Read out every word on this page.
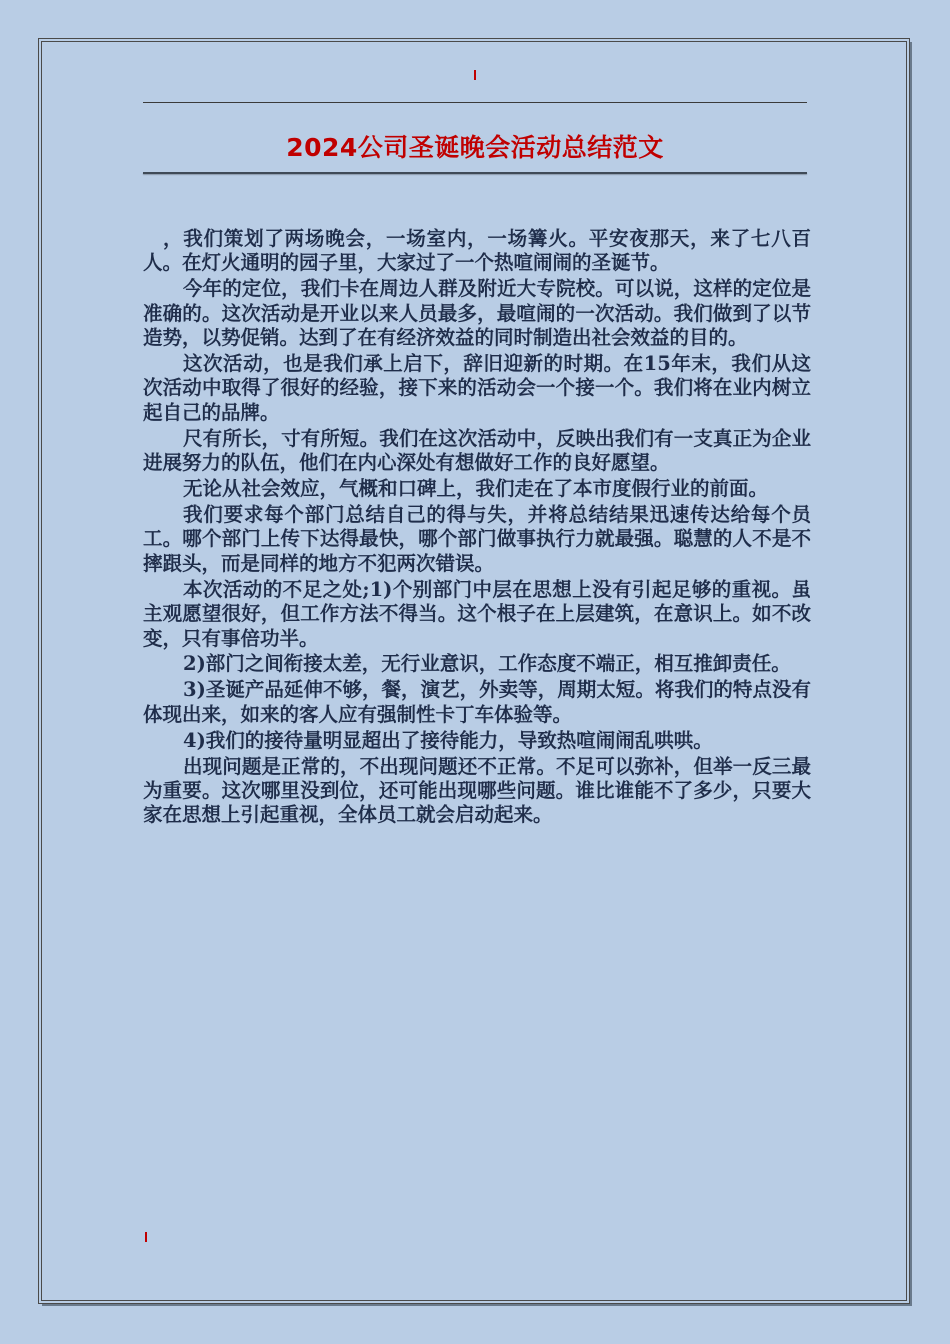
2024公司圣诞晚会活动总结范文

，我们策划了两场晚会，一场室内，一场篝火。平安夜那天，来了七八百人。在灯火通明的园子里，大家过了一个热喧闹闹的圣诞节。

今年的定位，我们卡在周边人群及附近大专院校。可以说，这样的定位是准确的。这次活动是开业以来人员最多，最喧闹的一次活动。我们做到了以节造势，以势促销。达到了在有经济效益的同时制造出社会效益的目的。

这次活动，也是我们承上启下，辞旧迎新的时期。在15年末，我们从这次活动中取得了很好的经验，接下来的活动会一个接一个。我们将在业内树立起自己的品牌。

尺有所长，寸有所短。我们在这次活动中，反映出我们有一支真正为企业进展努力的队伍，他们在内心深处有想做好工作的良好愿望。

无论从社会效应，气概和口碑上，我们走在了本市度假行业的前面。

我们要求每个部门总结自己的得与失，并将总结结果迅速传达给每个员工。哪个部门上传下达得最快，哪个部门做事执行力就最强。聪慧的人不是不摔跟头，而是同样的地方不犯两次错误。

本次活动的不足之处;1)个别部门中层在思想上没有引起足够的重视。虽主观愿望很好，但工作方法不得当。这个根子在上层建筑，在意识上。如不改变，只有事倍功半。

2)部门之间衔接太差，无行业意识，工作态度不端正，相互推卸责任。

3)圣诞产品延伸不够，餐，演艺，外卖等，周期太短。将我们的特点没有体现出来，如来的客人应有强制性卡丁车体验等。

4)我们的接待量明显超出了接待能力，导致热喧闹闹乱哄哄。

出现问题是正常的，不出现问题还不正常。不足可以弥补，但举一反三最为重要。这次哪里没到位，还可能出现哪些问题。谁比谁能不了多少，只要大家在思想上引起重视，全体员工就会启动起来。
